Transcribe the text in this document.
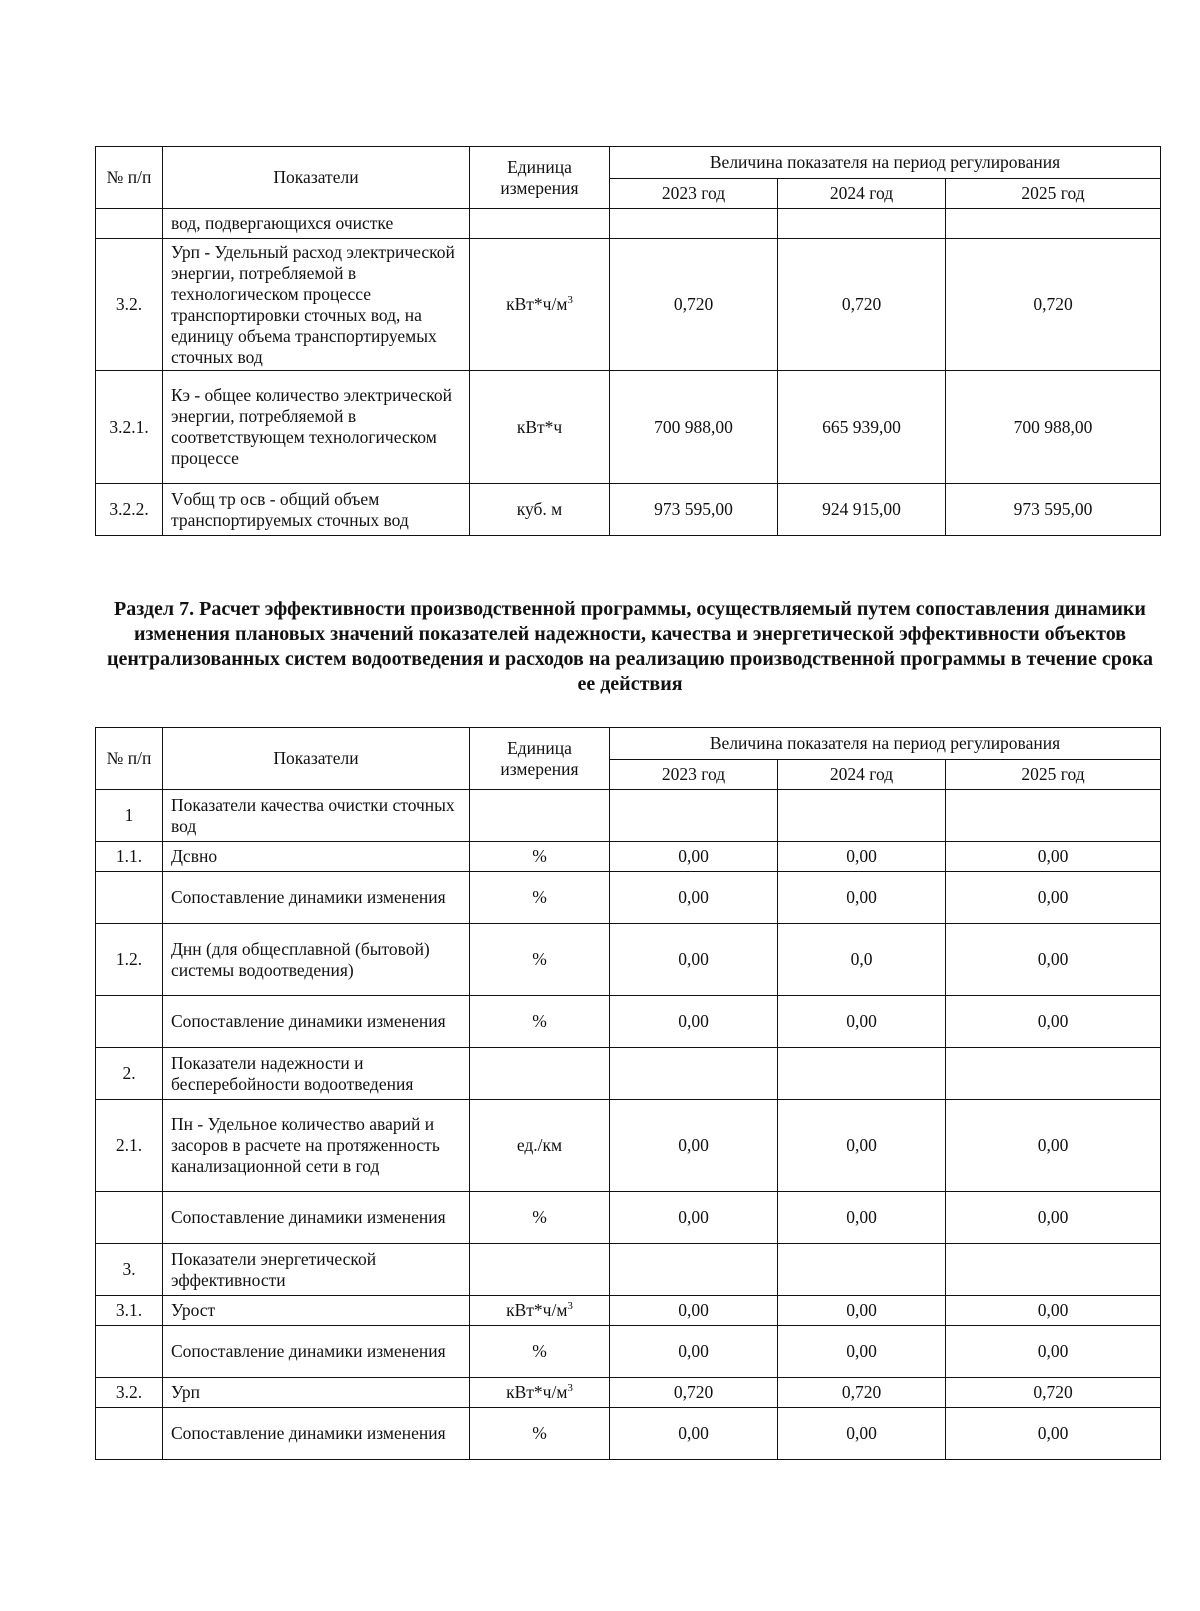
№ п/п	Показатели	Единица измерения	Величина показателя на период регулирования		
			2023 год	2024 год	2025 год
	вод, подвергающихся очистке				
3.2.	Урп - Удельный расход электрической энергии, потребляемой в технологическом процессе транспортировки сточных вод, на единицу объема транспортируемых сточных вод	$кВт*ч/м^3$	0,720	0,720	0,720
3.2.1.	Кэ - общее количество электрической энергии, потребляемой в соответствующем технологическом процессе	кВт*ч	700 988,00	665 939,00	700 988,00
3.2.2.	Vобщ тр осв - общий объем транспортируемых сточных вод	куб. м	973 595,00	924 915,00	973 595,00
Раздел 7. Расчет эффективности производственной программы, осуществляемый путем сопоставления динамики изменения плановых значений показателей надежности, качества и энергетической эффективности объектов централизованных систем водоотведения и расходов на реализацию производственной программы в течение срока ее действия
№ п/п	Показатели	Единица измерения	Величина показателя на период регулирования		
			2023 год	2024 год	2025 год
1	Показатели качества очистки сточных вод				
1.1.	Дсвно	%	0,00	0,00	0,00
	Сопоставление динамики изменения	%	0,00	0,00	0,00
1.2.	Днн (для общесплавной (бытовой) системы водоотведения)	%	0,00	0,0	0,00
	Сопоставление динамики изменения	%	0,00	0,00	0,00
2.	Показатели надежности и бесперебойности водоотведения				
2.1.	Пн - Удельное количество аварий и засоров в расчете на протяженность канализационной сети в год	ед./км	0,00	0,00	0,00
	Сопоставление динамики изменения	%	0,00	0,00	0,00
3.	Показатели энергетической эффективности				
3.1.	Урост	$кВт*ч/м^3$	0,00	0,00	0,00
	Сопоставление динамики изменения	%	0,00	0,00	0,00
3.2.	Урп	$кВт*ч/м^3$	0,720	0,720	0,720
	Сопоставление динамики изменения	%	0,00	0,00	0,00
